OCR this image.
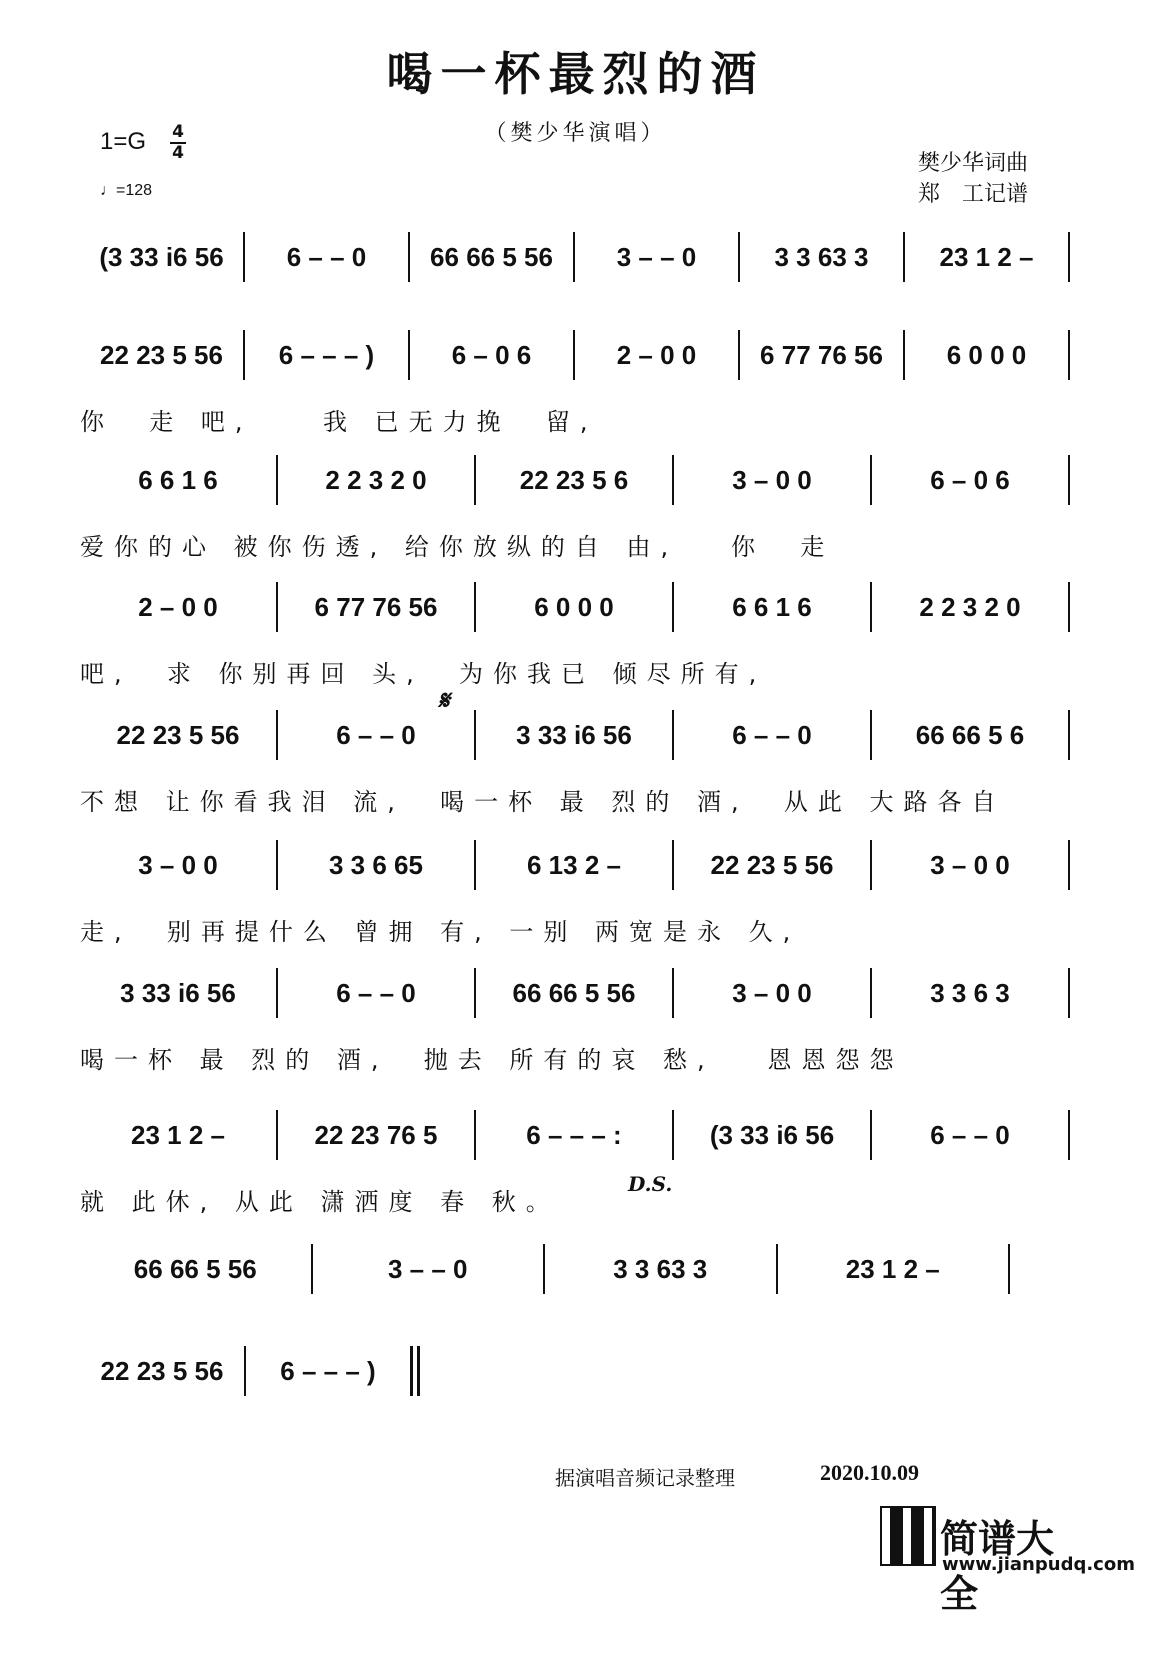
喝一杯最烈的酒
（樊少华演唱）
1=G 4
4
♩=128
樊少华词曲
郑　工记谱
(3 33 i6 56	6 – – 0	66 66 5 56	3 – – 0	3 3 63 3	23 1 2 –
22 23 5 56	6 – – – )	6 – 0 6	2 – 0 0	6 77 76 56	6 0 0 0
你  走 吧,    我 已无力挽  留,
6 6 1 6	2 2 3 2 0	22 23 5 6	3 – 0 0	6 – 0 6
爱你的心 被你伤透, 给你放纵的自 由,   你  走
2 – 0 0	6 77 76 56	6 0 0 0	6 6 1 6	2 2 3 2 0
吧,  求 你别再回 头,  为你我已 倾尽所有,
22 23 5 56	6 – – 0	3 33 i6 56	6 – – 0	66 66 5 6
不想 让你看我泪 流,  喝一杯 最 烈的 酒,  从此 大路各自
3 – 0 0	3 3 6 65	6 13 2 –	22 23 5 56	3 – 0 0
走,  别再提什么 曾拥 有, 一别 两宽是永 久,
3 33 i6 56	6 – – 0	66 66 5 56	3 – 0 0	3 3 6 3
喝一杯 最 烈的 酒,  抛去 所有的哀 愁,   恩恩怨怨
23 1 2 –	22 23 76 5	6 – – – :	(3 33 i6 56	6 – – 0
就 此休, 从此 潇洒度 春 秋。
66 66 5 56	3 – – 0	3 3 63 3	23 1 2 –
22 23 5 56	6 – – – )
𝄋
D.S.
据演唱音频记录整理	2020.10.09
简谱大全
www.jianpudq.com
